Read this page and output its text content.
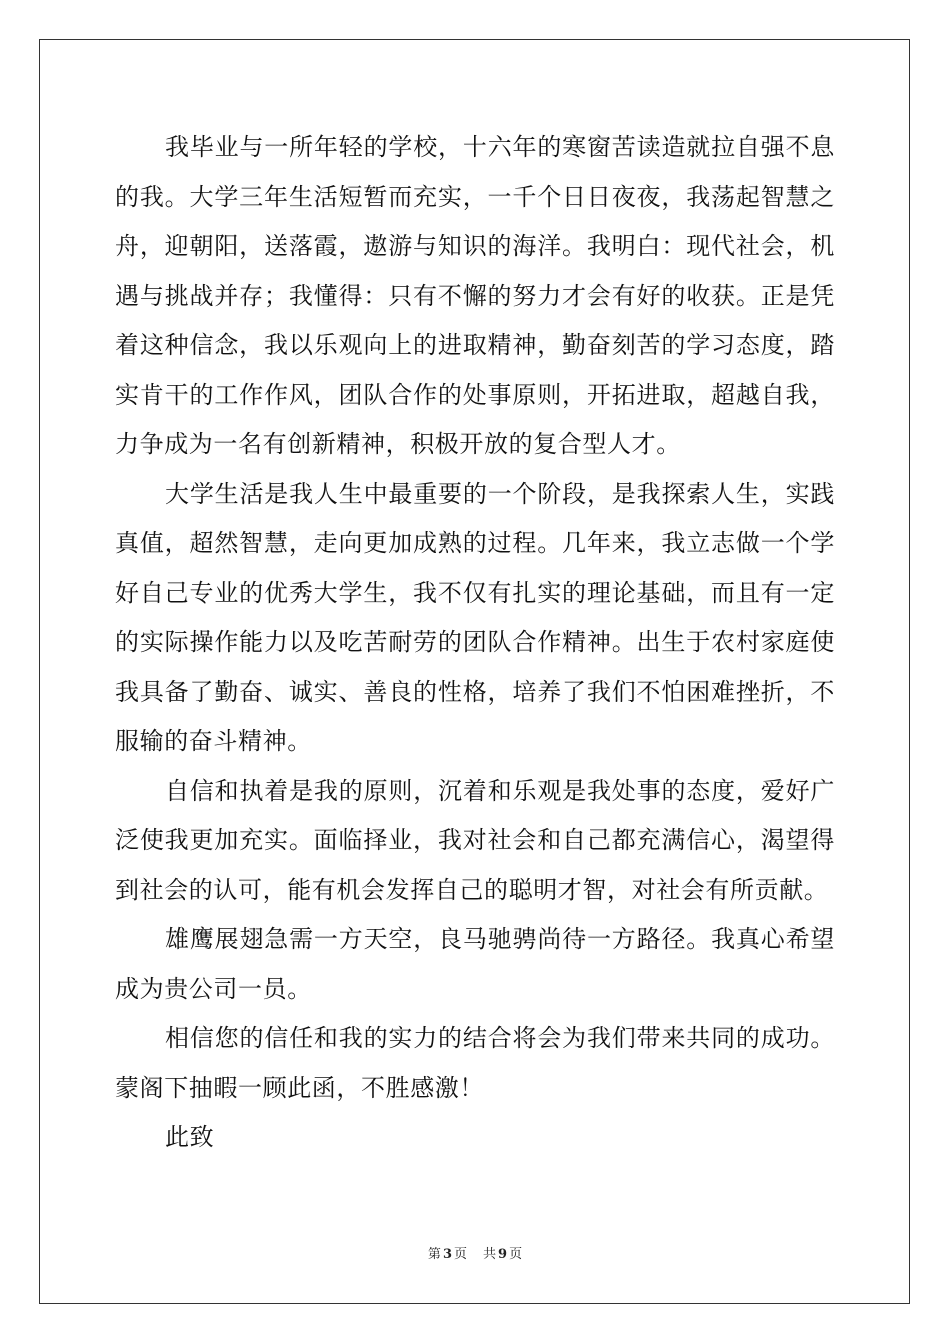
我毕业与一所年轻的学校，十六年的寒窗苦读造就拉自强不息的我。大学三年生活短暂而充实，一千个日日夜夜，我荡起智慧之舟，迎朝阳，送落霞，遨游与知识的海洋。我明白：现代社会，机遇与挑战并存；我懂得：只有不懈的努力才会有好的收获。正是凭着这种信念，我以乐观向上的进取精神，勤奋刻苦的学习态度，踏实肯干的工作作风，团队合作的处事原则，开拓进取，超越自我，力争成为一名有创新精神，积极开放的复合型人才。

大学生活是我人生中最重要的一个阶段，是我探索人生，实践真值，超然智慧，走向更加成熟的过程。几年来，我立志做一个学好自己专业的优秀大学生，我不仅有扎实的理论基础，而且有一定的实际操作能力以及吃苦耐劳的团队合作精神。出生于农村家庭使我具备了勤奋、诚实、善良的性格，培养了我们不怕困难挫折，不服输的奋斗精神。

自信和执着是我的原则，沉着和乐观是我处事的态度，爱好广泛使我更加充实。面临择业，我对社会和自己都充满信心，渴望得到社会的认可，能有机会发挥自己的聪明才智，对社会有所贡献。

雄鹰展翅急需一方天空，良马驰骋尚待一方路径。我真心希望成为贵公司一员。

相信您的信任和我的实力的结合将会为我们带来共同的成功。蒙阁下抽暇一顾此函，不胜感激！

此致

第 3 页 共 9 页
